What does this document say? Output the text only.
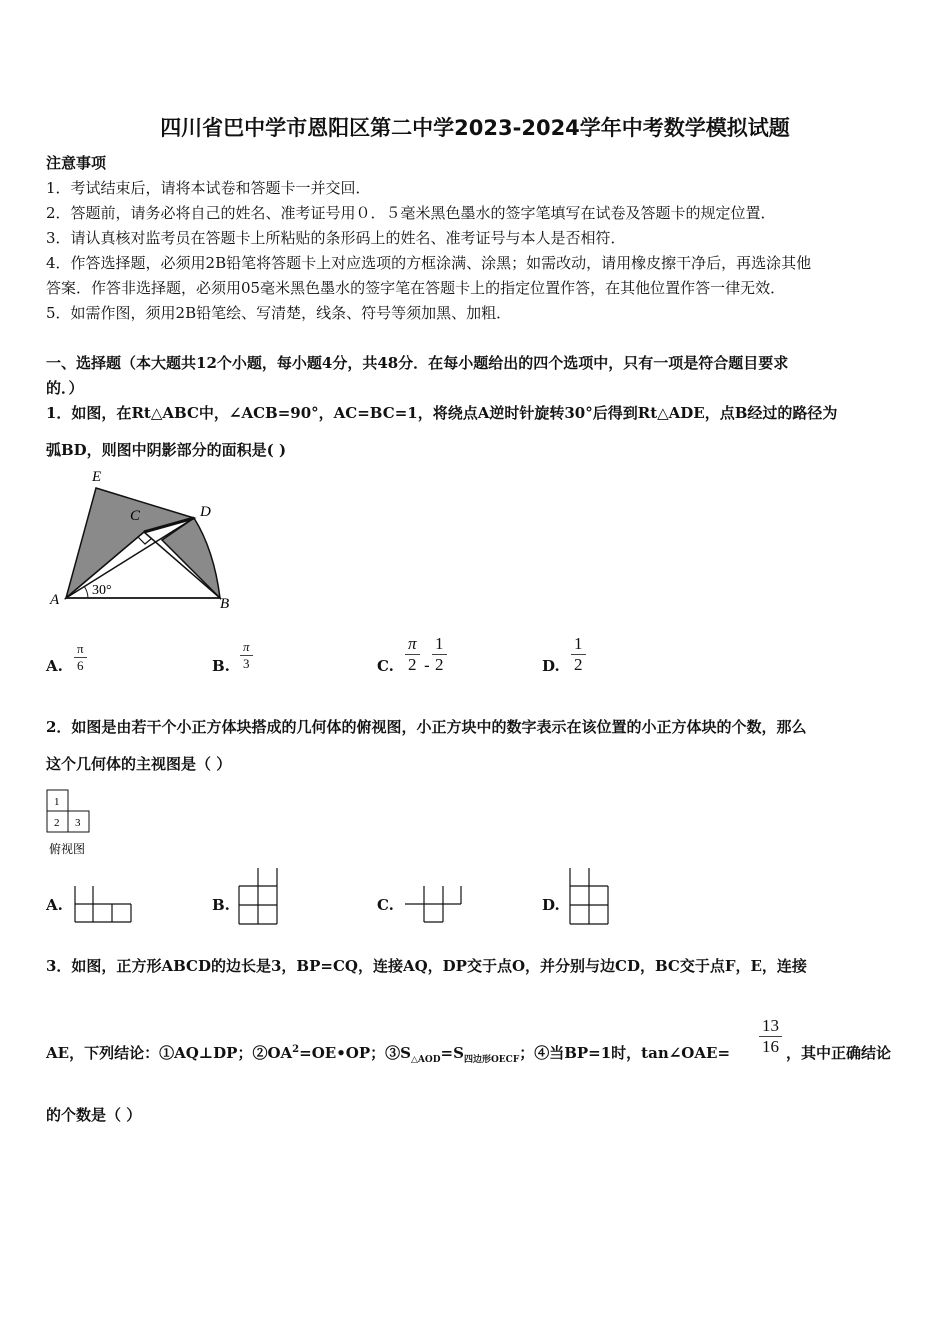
四川省巴中学市恩阳区第二中学2023-2024学年中考数学模拟试题
注意事项
1．考试结束后，请将本试卷和答题卡一并交回．
2．答题前，请务必将自己的姓名、准考证号用０．５毫米黑色墨水的签字笔填写在试卷及答题卡的规定位置．
3．请认真核对监考员在答题卡上所粘贴的条形码上的姓名、准考证号与本人是否相符．
4．作答选择题，必须用2B铅笔将答题卡上对应选项的方框涂满、涂黑；如需改动，请用橡皮擦干净后，再选涂其他
答案．作答非选择题，必须用05毫米黑色墨水的签字笔在答题卡上的指定位置作答，在其他位置作答一律无效．
5．如需作图，须用2B铅笔绘、写清楚，线条、符号等须加黑、加粗．
一、选择题（本大题共12个小题，每小题4分，共48分．在每小题给出的四个选项中，只有一项是符合题目要求
的．）
1．如图，在Rt△ABC中，∠ACB=90°，AC=BC=1，将绕点A逆时针旋转30°后得到Rt△ADE，点B经过的路径为
弧BD，则图中阴影部分的面积是( )
E
C	D
A	B
30°
A. $\frac{\pi}{6}$	B. $\frac{\pi}{3}$	C. $\frac{\pi}{2} - \frac{1}{2}$	D. $\frac{1}{2}$
2．如图是由若干个小正方体块搭成的几何体的俯视图，小正方块中的数字表示在该位置的小正方体块的个数，那么
这个几何体的主视图是（ ）
1
2 3
俯视图
A.	B.	C.	D.
3．如图，正方形ABCD的边长是3，BP=CQ，连接AQ，DP交于点O，并分别与边CD，BC交于点F，E，连接
AE，下列结论：①AQ⊥DP；$②OA^2=OE•OP$；$③S_{\triangle AOD}=S_{四边形OECF}$；④当BP=1时，tan∠OAE= $\frac{13}{16}$ ，其中正确结论
的个数是（ ）
